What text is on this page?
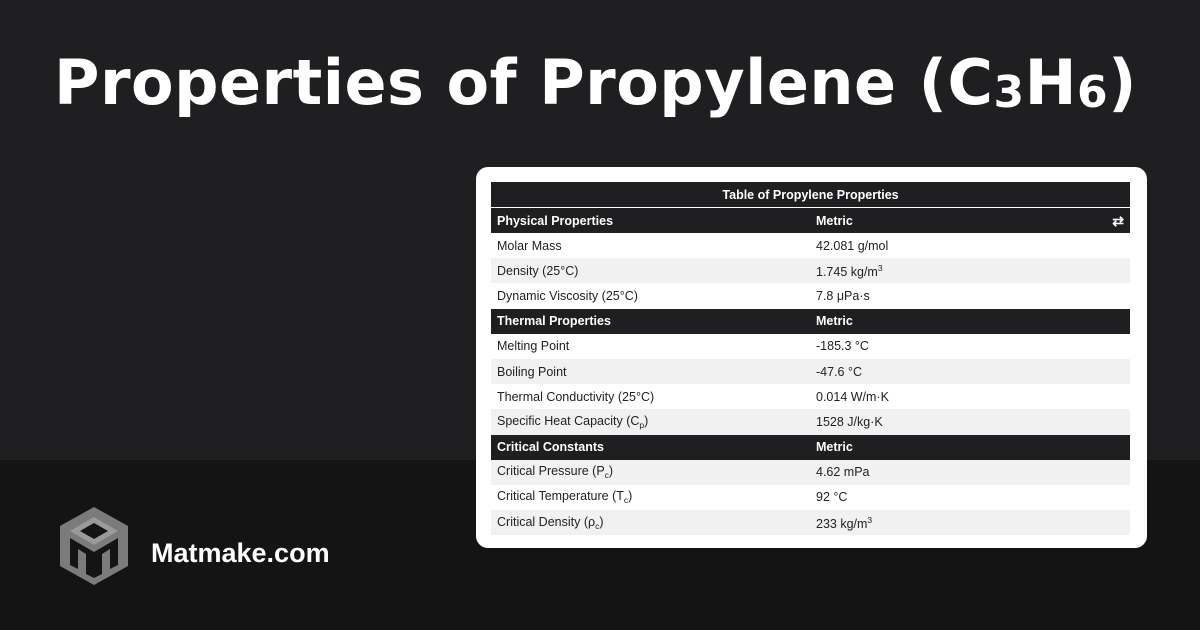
Properties of Propylene (C3H6)
Table of Propylene Properties	
Physical Properties	Metric ⇄

Molar Mass	42.081 g/mol
Density (25°C)	1.745 $kg/m^3$
Dynamic Viscosity (25°C)	7.8 μPa·s
Thermal Properties	Metric
Melting Point	-185.3 °C
Boiling Point	-47.6 °C
Thermal Conductivity (25°C)	0.014 W/m·K
Specific Heat Capacity $(C_p)$	1528 J/kg·K
Critical Constants	Metric
Critical Pressure $(P_c)$	4.62 mPa
Critical Temperature $(T_c)$	92 °C
Critical Density $(\rho_c)$	233 $kg/m^3$
Matmake.com
